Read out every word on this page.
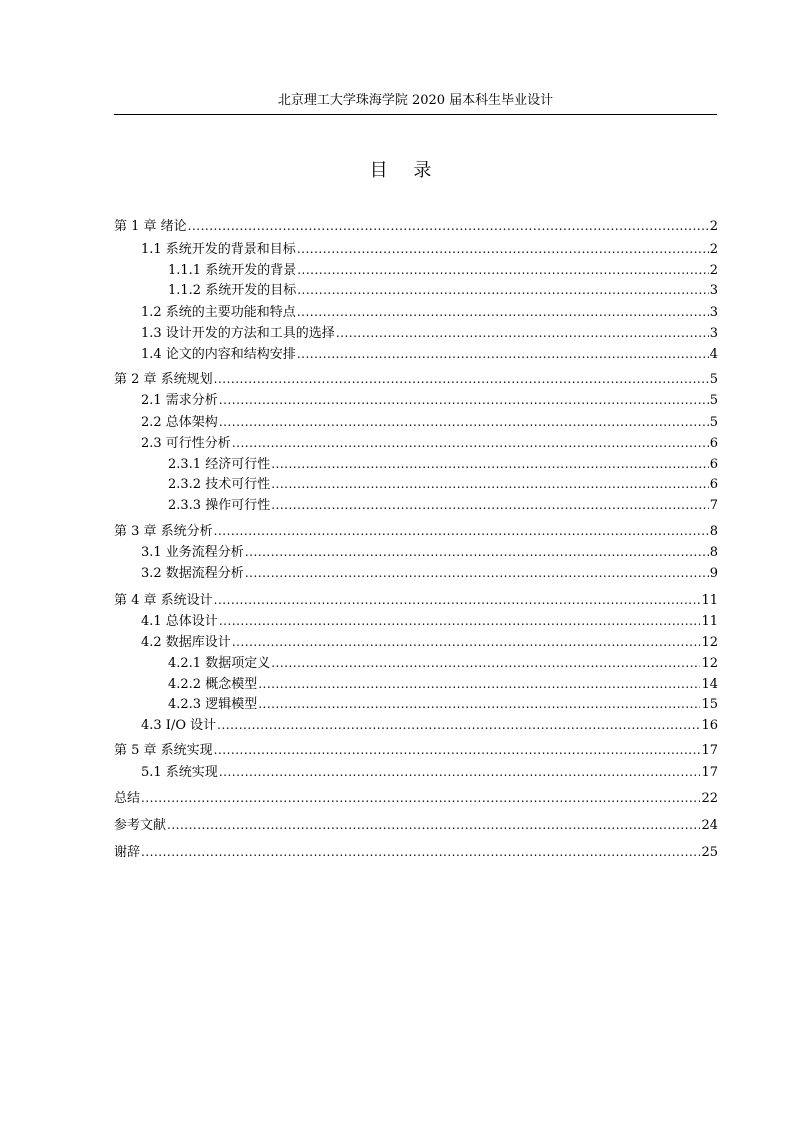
北京理工大学珠海学院 2020 届本科生毕业设计
目 录
第 1 章 绪论 .....	2
1.1 系统开发的背景和目标 .....	2
1.1.1 系统开发的背景 .....	2
1.1.2 系统开发的目标 .....	3
1.2 系统的主要功能和特点 .....	3
1.3 设计开发的方法和工具的选择 .....	3
1.4 论文的内容和结构安排 .....	4
第 2 章 系统规划 .....	5
2.1 需求分析 .....	5
2.2 总体架构 .....	5
2.3 可行性分析 .....	6
2.3.1 经济可行性 .....	6
2.3.2 技术可行性 .....	6
2.3.3 操作可行性 .....	7
第 3 章 系统分析 .....	8
3.1 业务流程分析 .....	8
3.2 数据流程分析 .....	9
第 4 章 系统设计 .....	11
4.1 总体设计 .....	11
4.2 数据库设计 .....	12
4.2.1 数据项定义 .....	12
4.2.2 概念模型 .....	14
4.2.3 逻辑模型 .....	15
4.3 I/O 设计 .....	16
第 5 章 系统实现 .....	17
5.1 系统实现 .....	17
总结 .....	22
参考文献 .....	24
谢辞 .....	25
